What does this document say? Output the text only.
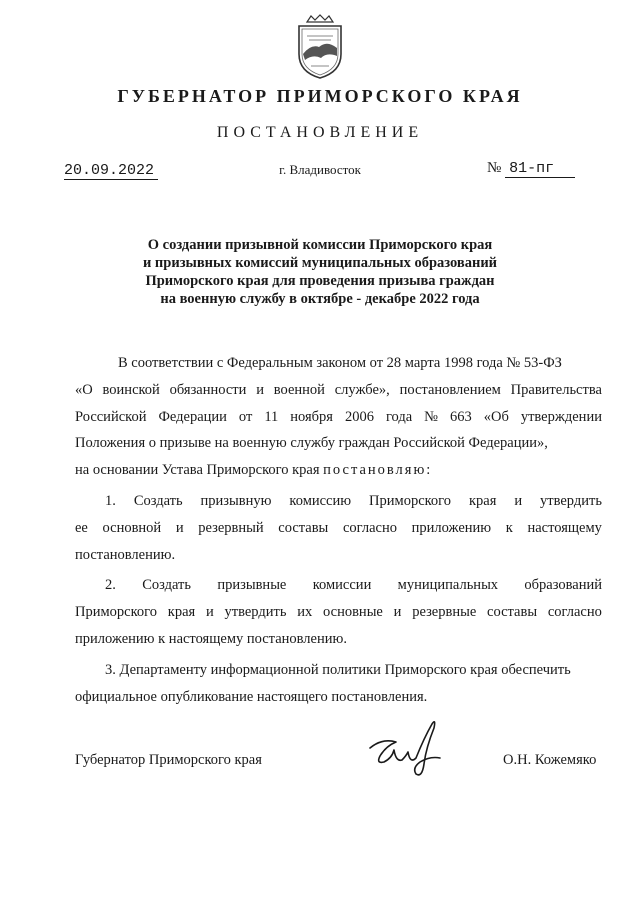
ГУБЕРНАТОР ПРИМОРСКОГО КРАЯ
ПОСТАНОВЛЕНИЕ
20.09.2022	г. Владивосток	№ 81-пг
О создании призывной комиссии Приморского края
и призывных комиссий муниципальных образований
Приморского края для проведения призыва граждан
на военную службу в октябре - декабре 2022 года
В соответствии с Федеральным законом от 28 марта 1998 года № 53-ФЗ
«О воинской обязанности и военной службе», постановлением Правительства
Российской Федерации от 11 ноября 2006 года № 663 «Об утверждении
Положения о призыве на военную службу граждан Российской Федерации»,
на основании Устава Приморского края постановляю:
1. Создать призывную комиссию Приморского края и утвердить
ее основной и резервный составы согласно приложению к настоящему
постановлению.
2. Создать призывные комиссии муниципальных образований
Приморского края и утвердить их основные и резервные составы согласно
приложению к настоящему постановлению.
3. Департаменту информационной политики Приморского края обеспечить
официальное опубликование настоящего постановления.
Губернатор Приморского края	О.Н. Кожемяко
